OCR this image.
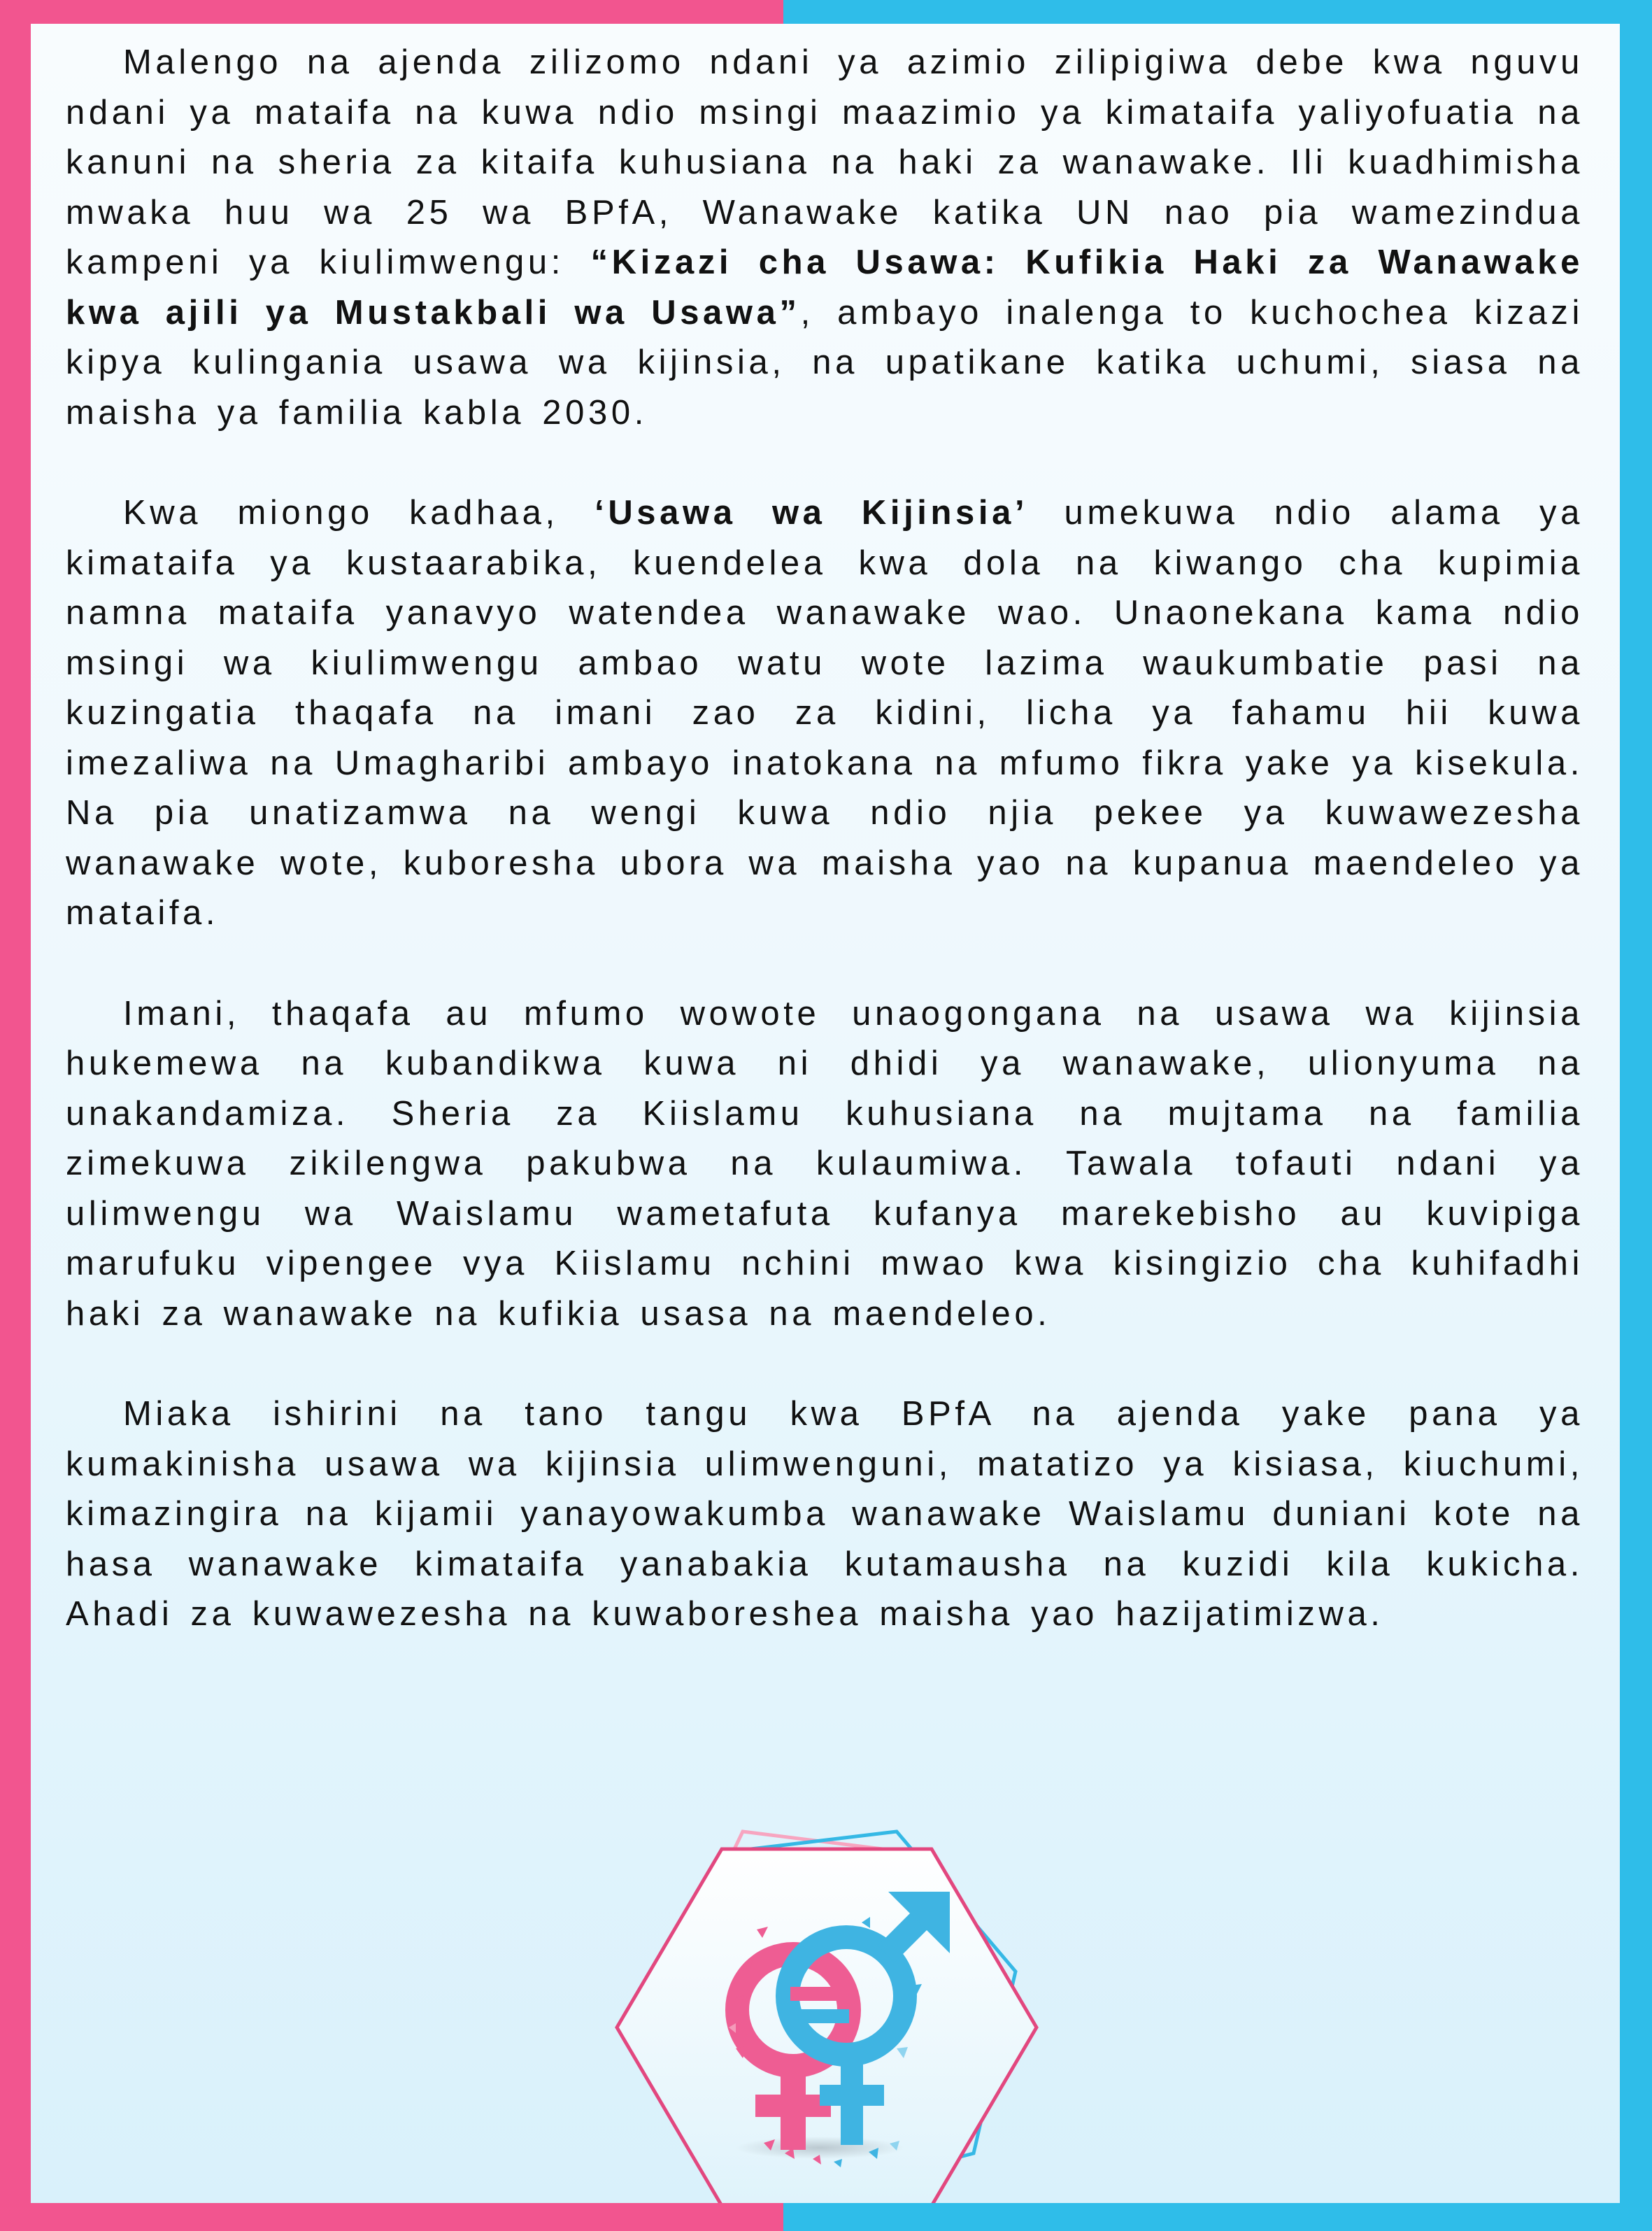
Malengo na ajenda zilizomo ndani ya azimio zilipigiwa debe kwa nguvu ndani ya mataifa na kuwa ndio msingi maazimio ya kimataifa yaliyofuatia na kanuni na sheria za kitaifa kuhusiana na haki za wanawake. Ili kuadhimisha mwaka huu wa 25 wa BPfA, Wanawake katika UN nao pia wamezindua kampeni ya kiulimwengu: “Kizazi cha Usawa: Kufikia Haki za Wanawake kwa ajili ya Mustakbali wa Usawa”, ambayo inalenga to kuchochea kizazi kipya kulingania usawa wa kijinsia, na upatikane katika uchumi, siasa na maisha ya familia kabla 2030.

Kwa miongo kadhaa, ‘Usawa wa Kijinsia’ umekuwa ndio alama ya kimataifa ya kustaarabika, kuendelea kwa dola na kiwango cha kupimia namna mataifa yanavyo watendea wanawake wao. Unaonekana kama ndio msingi wa kiulimwengu ambao watu wote lazima waukumbatie pasi na kuzingatia thaqafa na imani zao za kidini, licha ya fahamu hii kuwa imezaliwa na Umagharibi ambayo inatokana na mfumo fikra yake ya kisekula. Na pia unatizamwa na wengi kuwa ndio njia pekee ya kuwawezesha wanawake wote, kuboresha ubora wa maisha yao na kupanua maendeleo ya mataifa.

Imani, thaqafa au mfumo wowote unaogongana na usawa wa kijinsia hukemewa na kubandikwa kuwa ni dhidi ya wanawake, ulionyuma na unakandamiza. Sheria za Kiislamu kuhusiana na mujtama na familia zimekuwa zikilengwa pakubwa na kulaumiwa. Tawala tofauti ndani ya ulimwengu wa Waislamu wametafuta kufanya marekebisho au kuvipiga marufuku vipengee vya Kiislamu nchini mwao kwa kisingizio cha kuhifadhi haki za wanawake na kufikia usasa na maendeleo.

Miaka ishirini na tano tangu kwa BPfA na ajenda yake pana ya kumakinisha usawa wa kijinsia ulimwenguni, matatizo ya kisiasa, kiuchumi, kimazingira na kijamii yanayowakumba wanawake Waislamu duniani kote na hasa wanawake kimataifa yanabakia kutamausha na kuzidi kila kukicha. Ahadi za kuwawezesha na kuwaboreshea maisha yao hazijatimizwa.
